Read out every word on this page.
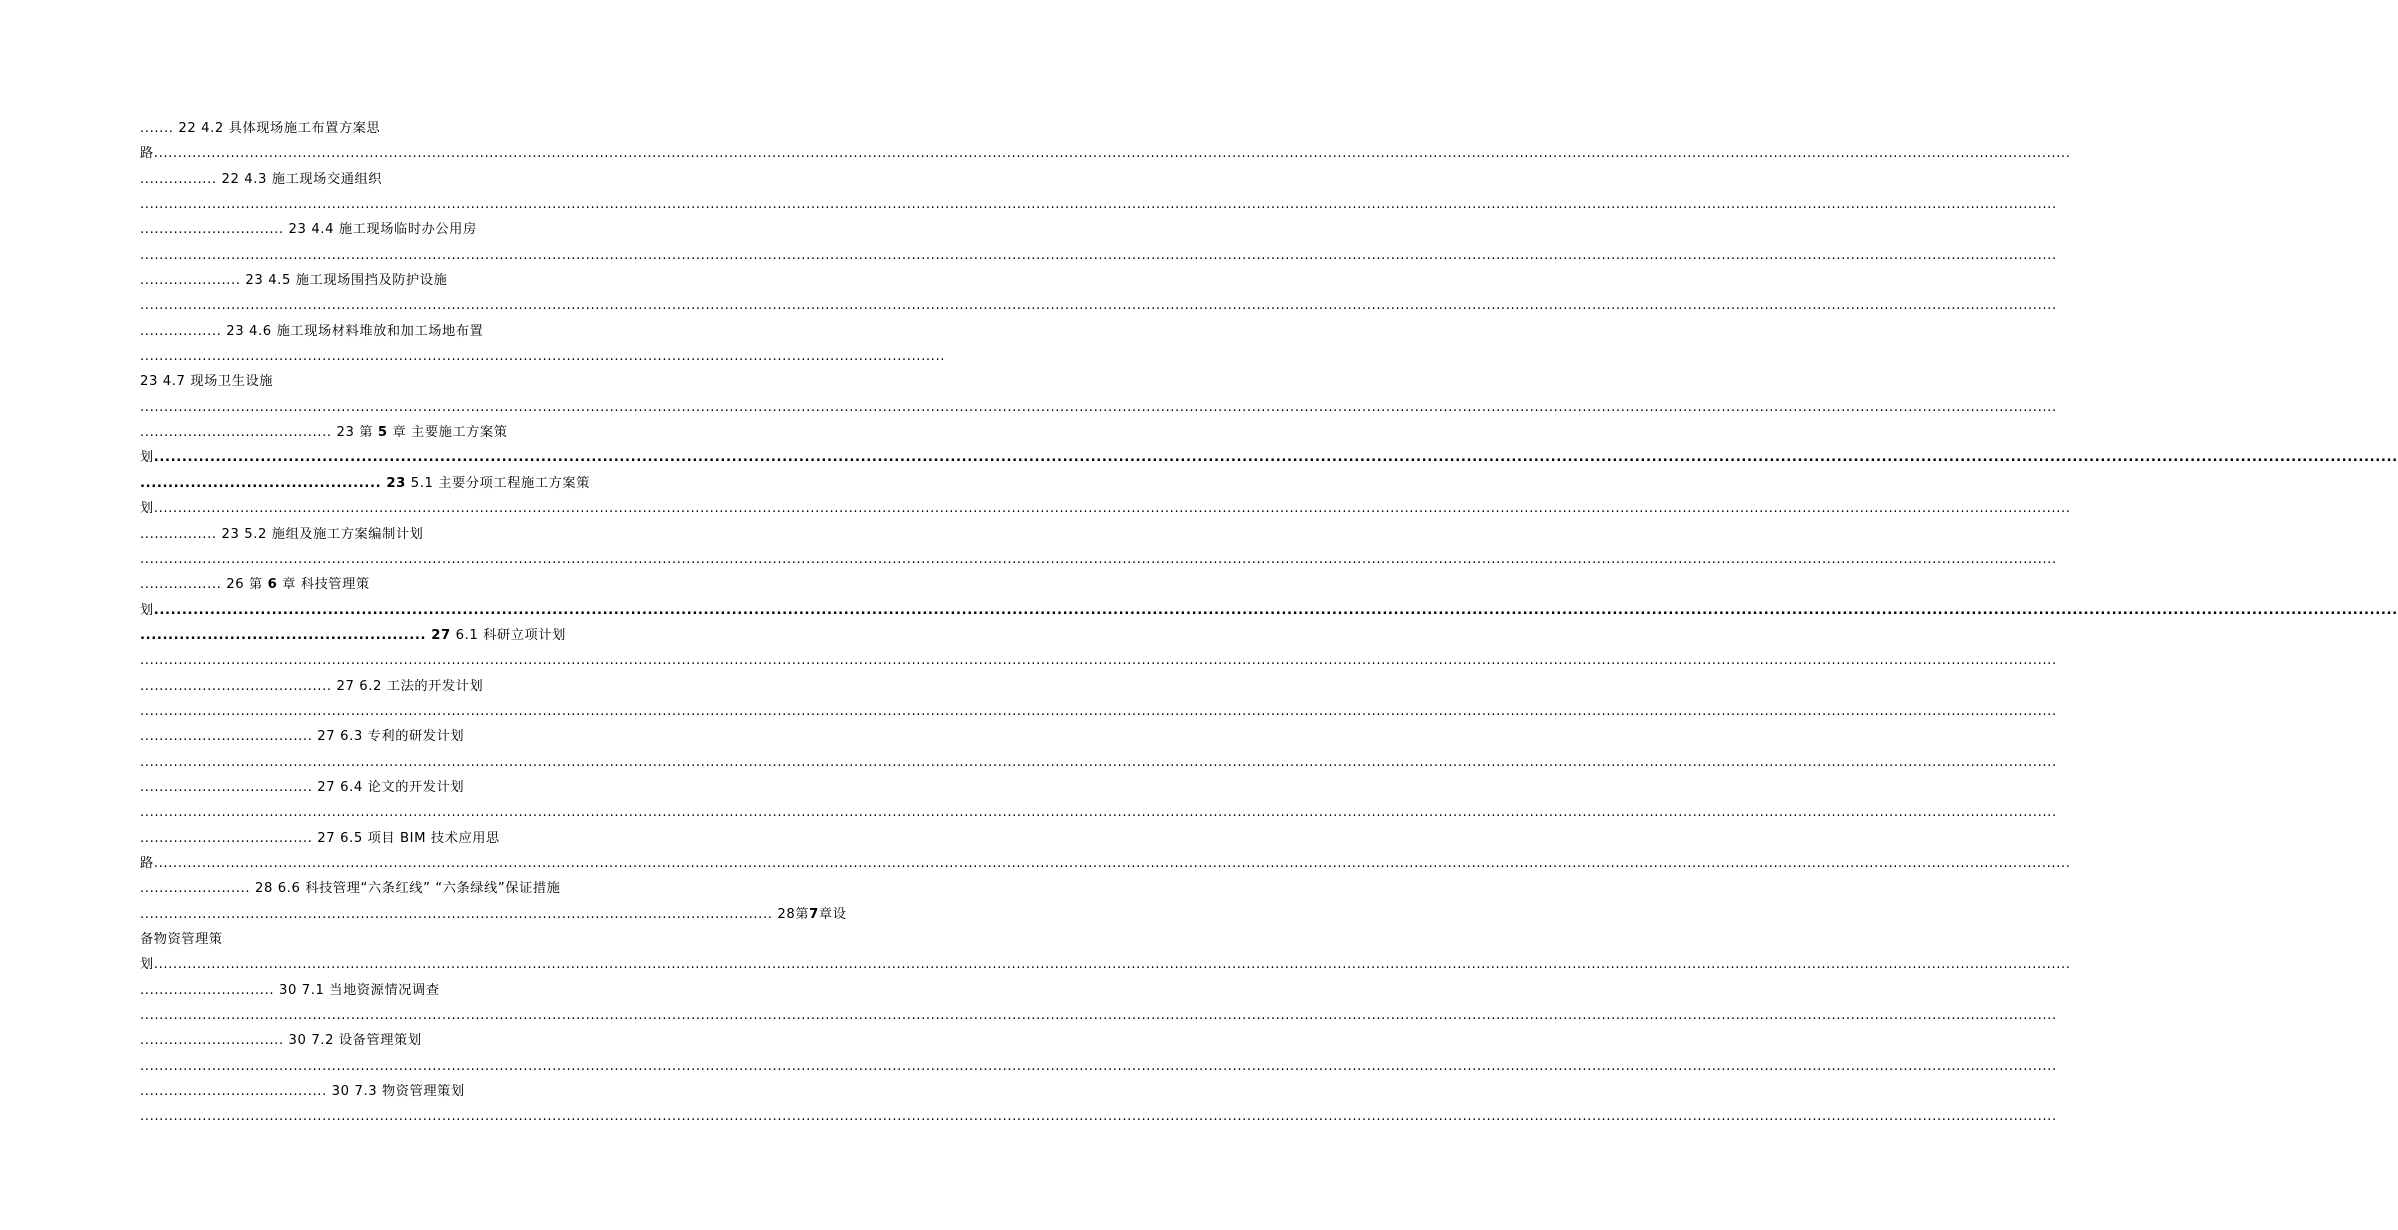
....... 22 4.2 具体现场施工布置方案思
路................................................................................................................................................................................................................................................................................................................................................................................................................
................ 22 4.3 施工现场交通组织
................................................................................................................................................................................................................................................................................................................................................................................................................
.............................. 23 4.4 施工现场临时办公用房
................................................................................................................................................................................................................................................................................................................................................................................................................
..................... 23 4.5 施工现场围挡及防护设施
................................................................................................................................................................................................................................................................................................................................................................................................................
................. 23 4.6 施工现场材料堆放和加工场地布置
........................................................................................................................................................................
23 4.7 现场卫生设施
................................................................................................................................................................................................................................................................................................................................................................................................................
........................................ 23 第 5 章 主要施工方案策
划................................................................................................................................................................................................................................................................................................................................................................................................................
........................................... 23 5.1 主要分项工程施工方案策
划................................................................................................................................................................................................................................................................................................................................................................................................................
................ 23 5.2 施组及施工方案编制计划
................................................................................................................................................................................................................................................................................................................................................................................................................
................. 26 第 6 章 科技管理策
划................................................................................................................................................................................................................................................................................................................................................................................................................
................................................... 27 6.1 科研立项计划
................................................................................................................................................................................................................................................................................................................................................................................................................
........................................ 27 6.2 工法的开发计划
................................................................................................................................................................................................................................................................................................................................................................................................................
.................................... 27 6.3 专利的研发计划
................................................................................................................................................................................................................................................................................................................................................................................................................
.................................... 27 6.4 论文的开发计划
................................................................................................................................................................................................................................................................................................................................................................................................................
.................................... 27 6.5 项目 BIM 技术应用思
路................................................................................................................................................................................................................................................................................................................................................................................................................
....................... 28 6.6 科技管理“六条红线” “六条绿线”保证措施
.................................................................................................................................... 28 第 7 章 设
备物资管理策
划................................................................................................................................................................................................................................................................................................................................................................................................................
............................ 30 7.1 当地资源情况调查
................................................................................................................................................................................................................................................................................................................................................................................................................
.............................. 30 7.2 设备管理策划
................................................................................................................................................................................................................................................................................................................................................................................................................
....................................... 30 7.3 物资管理策划
................................................................................................................................................................................................................................................................................................................................................................................................................
